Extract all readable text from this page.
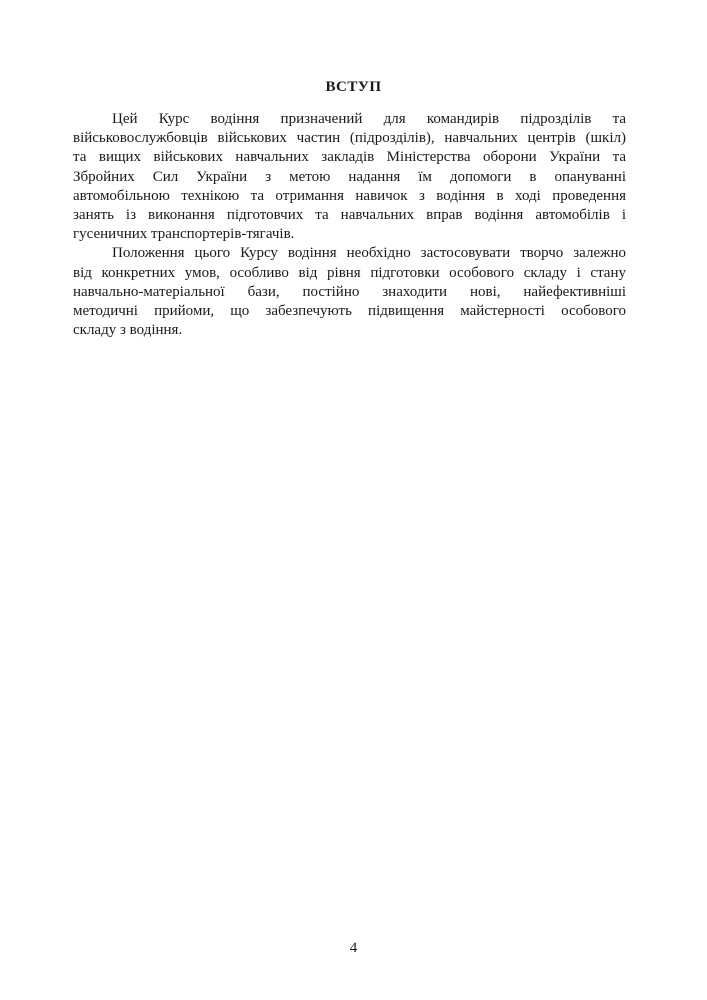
ВСТУП
Цей Курс водіння призначений для командирів підрозділів та
військовослужбовців військових частин (підрозділів), навчальних центрів (шкіл)
та вищих військових навчальних закладів Міністерства оборони України та
Збройних Сил України з метою надання їм допомоги в опануванні
автомобільною технікою та отримання навичок з водіння в ході проведення
занять із виконання підготовчих та навчальних вправ водіння автомобілів і
гусеничних транспортерів-тягачів.
Положення цього Курсу водіння необхідно застосовувати творчо залежно
від конкретних умов, особливо від рівня підготовки особового складу і стану
навчально-матеріальної бази, постійно знаходити нові, найефективніші
методичні прийоми, що забезпечують підвищення майстерності особового
складу з водіння.
4
